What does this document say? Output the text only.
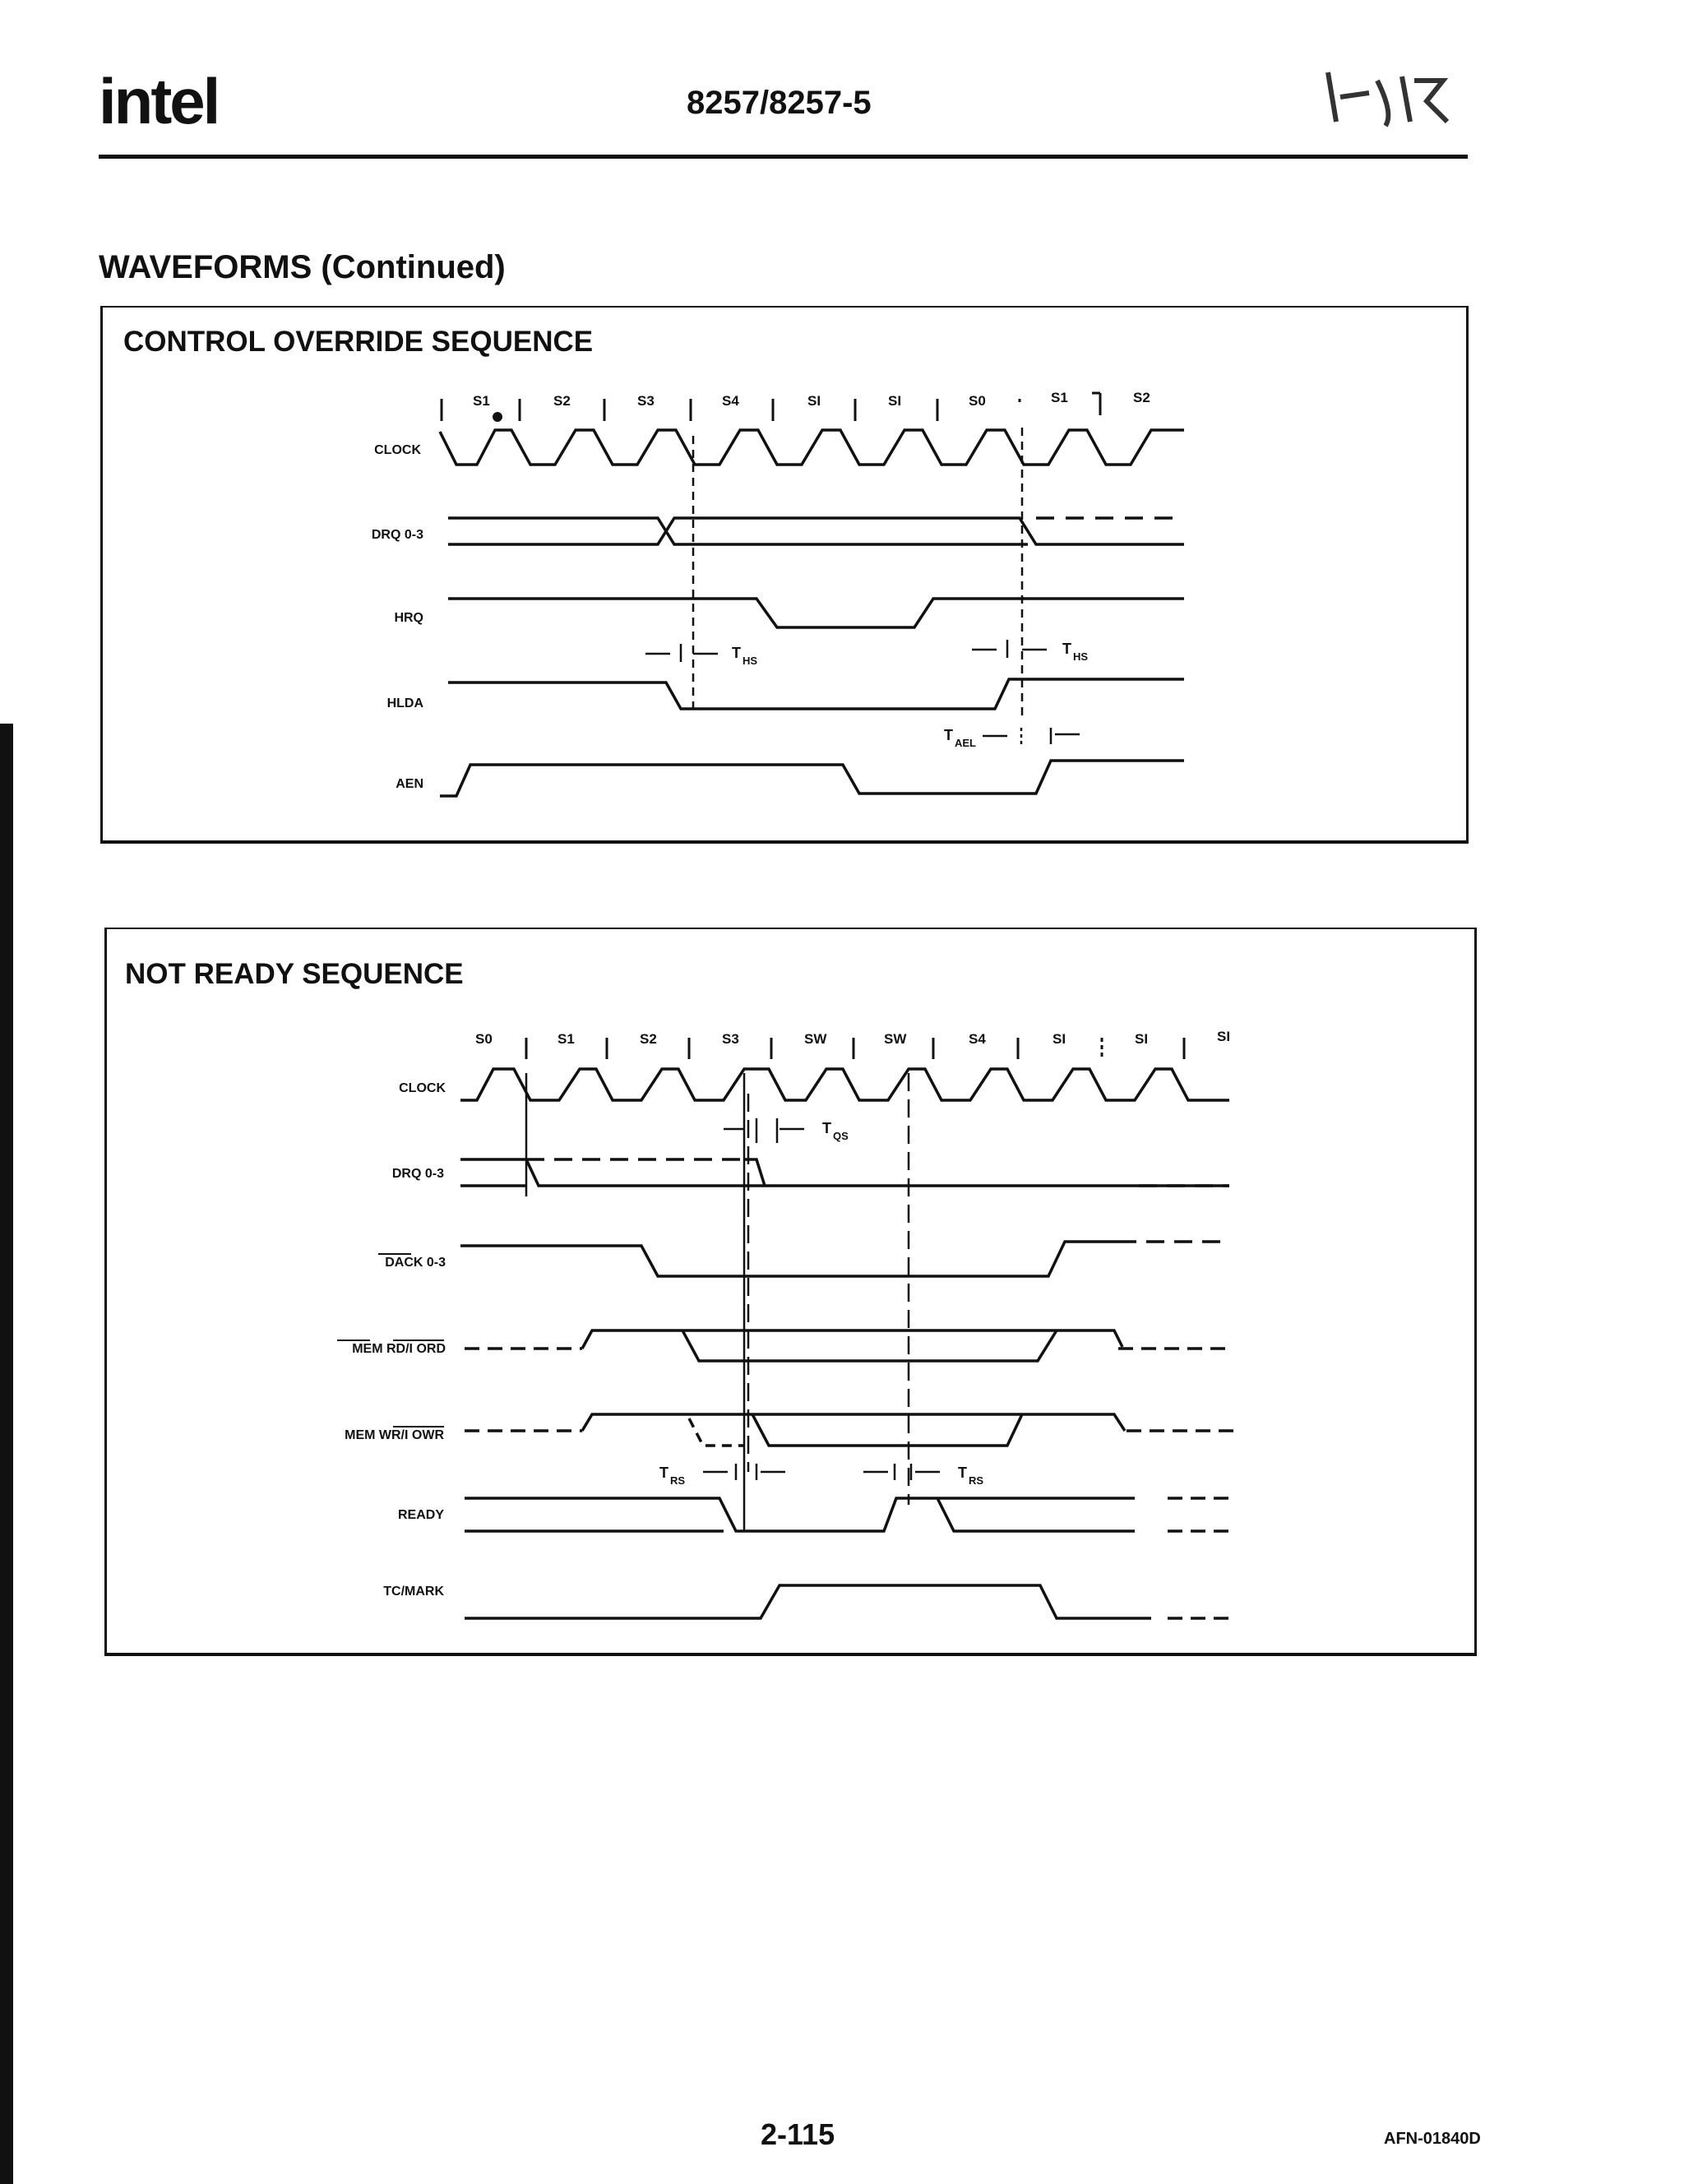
intel	8257/8257-5
WAVEFORMS (Continued)
CONTROL OVERRIDE SEQUENCE
NOT READY SEQUENCE
S1	S2	S3	S4	SI	SI	S0	S1	S2
CLOCK
DRQ 0-3
HRQ
HLDA
AEN
T HS
T HS
T AEL
S0	S1	S2	S3	SW	SW	S4	SI	SI	SI
CLOCK
DRQ 0-3
DACK 0-3
MEM RD/I ORD
MEM WR/I OWR
READY
TC/MARK
T QS
T RS	T RS
2-115	AFN-01840D
